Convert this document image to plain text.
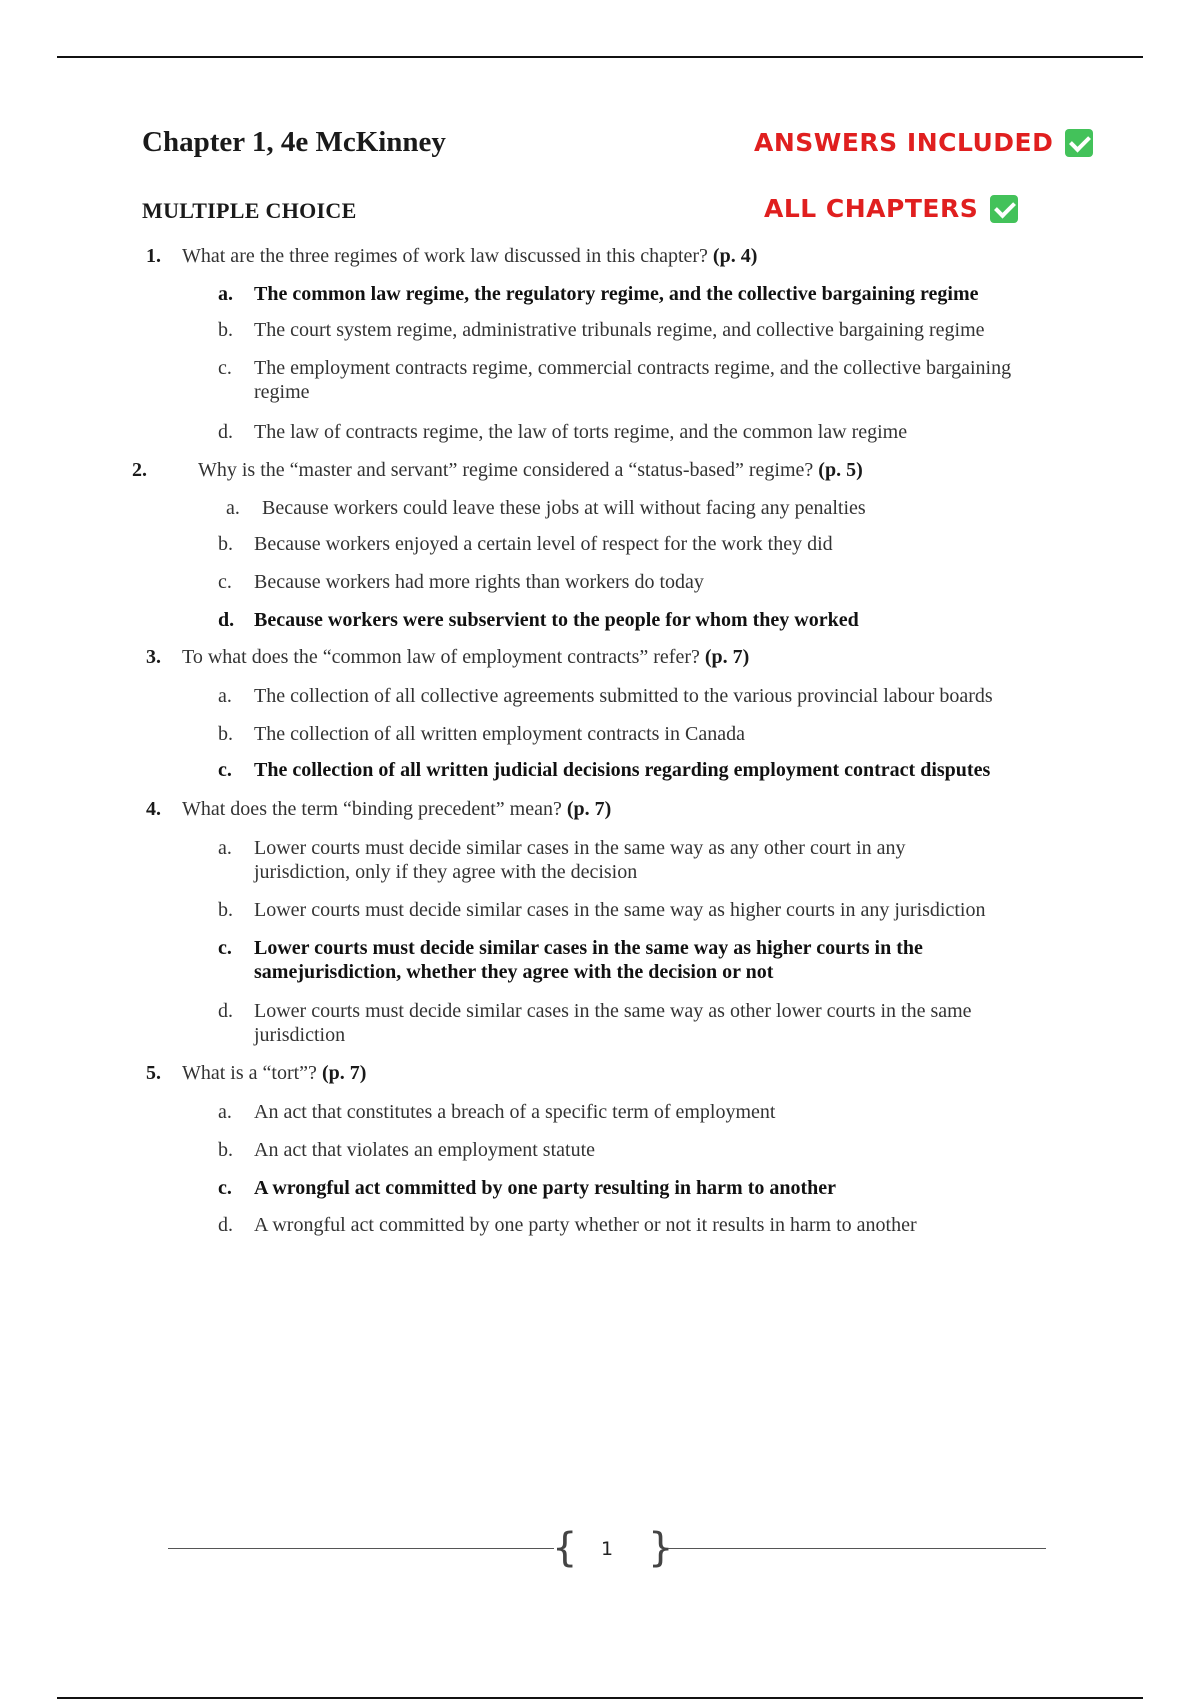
Chapter 1, 4e McKinney
MULTIPLE CHOICE
ANSWERS INCLUDED
ALL CHAPTERS
1. What are the three regimes of work law discussed in this chapter? (p. 4)
a.	The common law regime, the regulatory regime, and the collective bargaining regime
b.	The court system regime, administrative tribunals regime, and collective bargaining regime
c.	The employment contracts regime, commercial contracts regime, and the collective bargaining regime
d.	The law of contracts regime, the law of torts regime, and the common law regime
2.	Why is the “master and servant” regime considered a “status-based” regime? (p. 5)
a.	Because workers could leave these jobs at will without facing any penalties
b.	Because workers enjoyed a certain level of respect for the work they did
c.	Because workers had more rights than workers do today
d. Because workers were subservient to the people for whom they worked
3. To what does the “common law of employment contracts” refer? (p. 7)
a.	The collection of all collective agreements submitted to the various provincial labour boards
b.	The collection of all written employment contracts in Canada
c.	The collection of all written judicial decisions regarding employment contract disputes
4. What does the term “binding precedent” mean? (p. 7)
a.	Lower courts must decide similar cases in the same way as any other court in any jurisdiction, only if they agree with the decision
b.	Lower courts must decide similar cases in the same way as higher courts in any jurisdiction
c.	Lower courts must decide similar cases in the same way as higher courts in the samejurisdiction, whether they agree with the decision or not
d.	Lower courts must decide similar cases in the same way as other lower courts in the same jurisdiction
5. What is a “tort”? (p. 7)
a.	An act that constitutes a breach of a specific term of employment
b.	An act that violates an employment statute
c.	A wrongful act committed by one party resulting in harm to another
d.	A wrongful act committed by one party whether or not it results in harm to another
{ 1 }
